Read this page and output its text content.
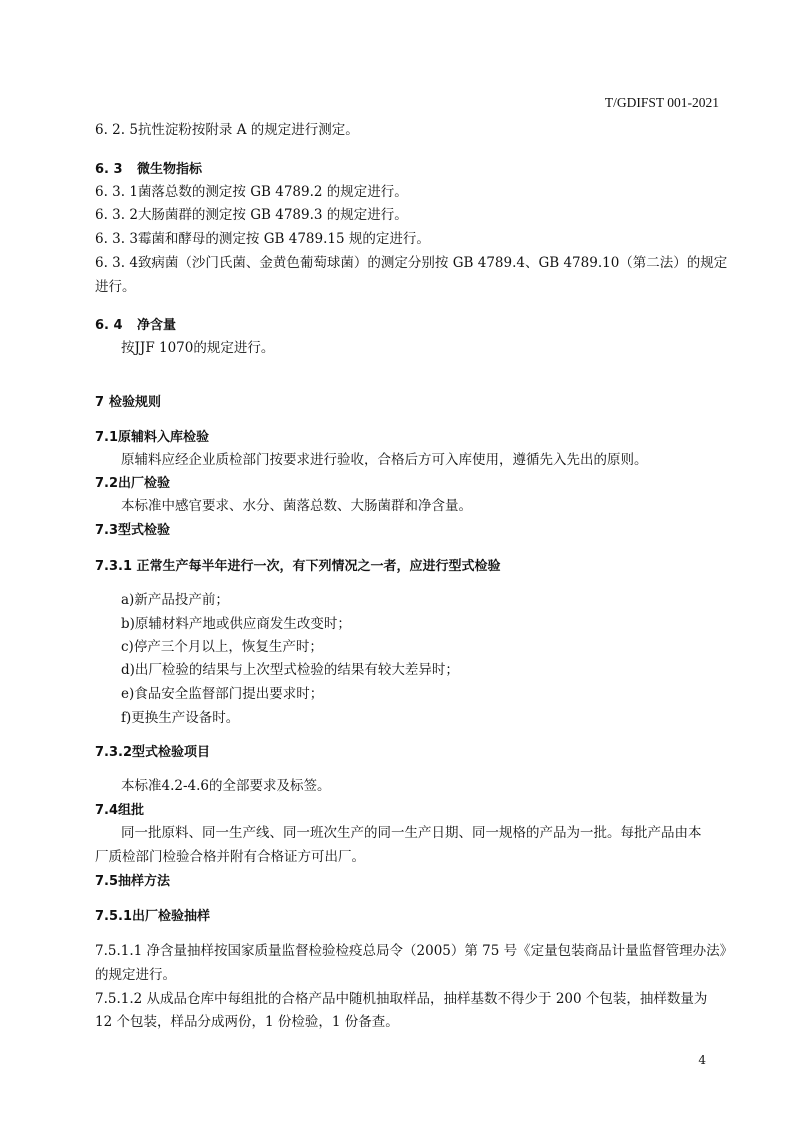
T/GDIFST 001-2021
6. 2. 5抗性淀粉按附录 A 的规定进行测定。
6. 3 微生物指标
6. 3. 1菌落总数的测定按 GB 4789.2 的规定进行。
6. 3. 2大肠菌群的测定按 GB 4789.3 的规定进行。
6. 3. 3霉菌和酵母的测定按 GB 4789.15 规的定进行。
6. 3. 4致病菌（沙门氏菌、金黄色葡萄球菌）的测定分别按 GB 4789.4、GB 4789.10（第二法）的规定
进行。
6. 4 净含量
按JJF 1070的规定进行。
7 检验规则
7.1原辅料入库检验
原辅料应经企业质检部门按要求进行验收，合格后方可入库使用，遵循先入先出的原则。
7.2出厂检验
本标准中感官要求、水分、菌落总数、大肠菌群和净含量。
7.3型式检验
7.3.1 正常生产每半年进行一次，有下列情况之一者，应进行型式检验
a)新产品投产前；
b)原辅材料产地或供应商发生改变时；
c)停产三个月以上，恢复生产时；
d)出厂检验的结果与上次型式检验的结果有较大差异时；
e)食品安全监督部门提出要求时；
f)更换生产设备时。
7.3.2型式检验项目
本标准4.2-4.6的全部要求及标签。
7.4组批
同一批原料、同一生产线、同一班次生产的同一生产日期、同一规格的产品为一批。每批产品由本
厂质检部门检验合格并附有合格证方可出厂。
7.5抽样方法
7.5.1出厂检验抽样
7.5.1.1 净含量抽样按国家质量监督检验检疫总局令（2005）第 75 号《定量包装商品计量监督管理办法》
的规定进行。
7.5.1.2 从成品仓库中每组批的合格产品中随机抽取样品，抽样基数不得少于 200 个包装，抽样数量为
12 个包装，样品分成两份，1 份检验，1 份备查。
4
